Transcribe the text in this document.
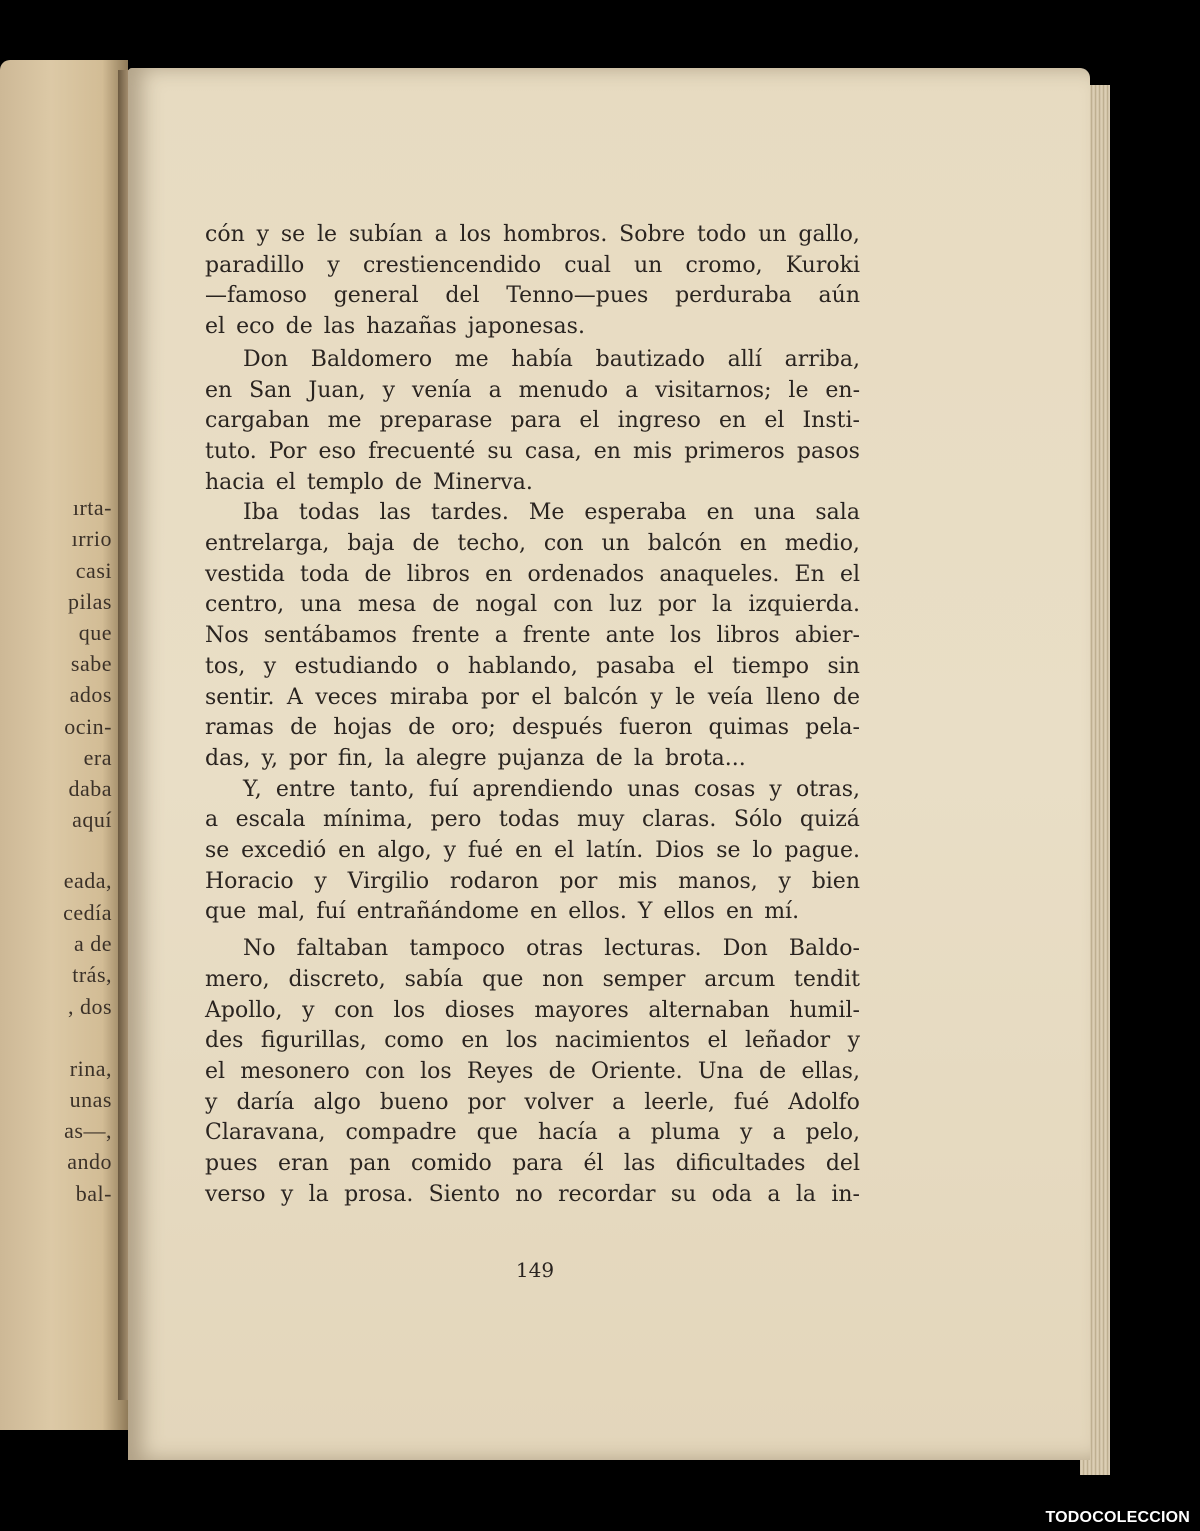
ırta-
ırrio
casi
pilas
que
sabe
ados
ocin-
era
daba
aquí
eada,
cedía
a de
trás,
, dos
rina,
unas
as—,
ando
bal-
cón y se le subían a los hombros. Sobre todo un gallo,
paradillo y crestiencendido cual un cromo, Kuroki
—famoso general del Tenno—pues perduraba aún
el eco de las hazañas japonesas.
Don Baldomero me había bautizado allí arriba,
en San Juan, y venía a menudo a visitarnos; le en-
cargaban me preparase para el ingreso en el Insti-
tuto. Por eso frecuenté su casa, en mis primeros pasos
hacia el templo de Minerva.
Iba todas las tardes. Me esperaba en una sala
entrelarga, baja de techo, con un balcón en medio,
vestida toda de libros en ordenados anaqueles. En el
centro, una mesa de nogal con luz por la izquierda.
Nos sentábamos frente a frente ante los libros abier-
tos, y estudiando o hablando, pasaba el tiempo sin
sentir. A veces miraba por el balcón y le veía lleno de
ramas de hojas de oro; después fueron quimas pela-
das, y, por fin, la alegre pujanza de la brota...
Y, entre tanto, fuí aprendiendo unas cosas y otras,
a escala mínima, pero todas muy claras. Sólo quizá
se excedió en algo, y fué en el latín. Dios se lo pague.
Horacio y Virgilio rodaron por mis manos, y bien
que mal, fuí entrañándome en ellos. Y ellos en mí.
No faltaban tampoco otras lecturas. Don Baldo-
mero, discreto, sabía que non semper arcum tendit
Apollo, y con los dioses mayores alternaban humil-
des figurillas, como en los nacimientos el leñador y
el mesonero con los Reyes de Oriente. Una de ellas,
y daría algo bueno por volver a leerle, fué Adolfo
Claravana, compadre que hacía a pluma y a pelo,
pues eran pan comido para él las dificultades del
verso y la prosa. Siento no recordar su oda a la in-
149
TODOCOLECCION
